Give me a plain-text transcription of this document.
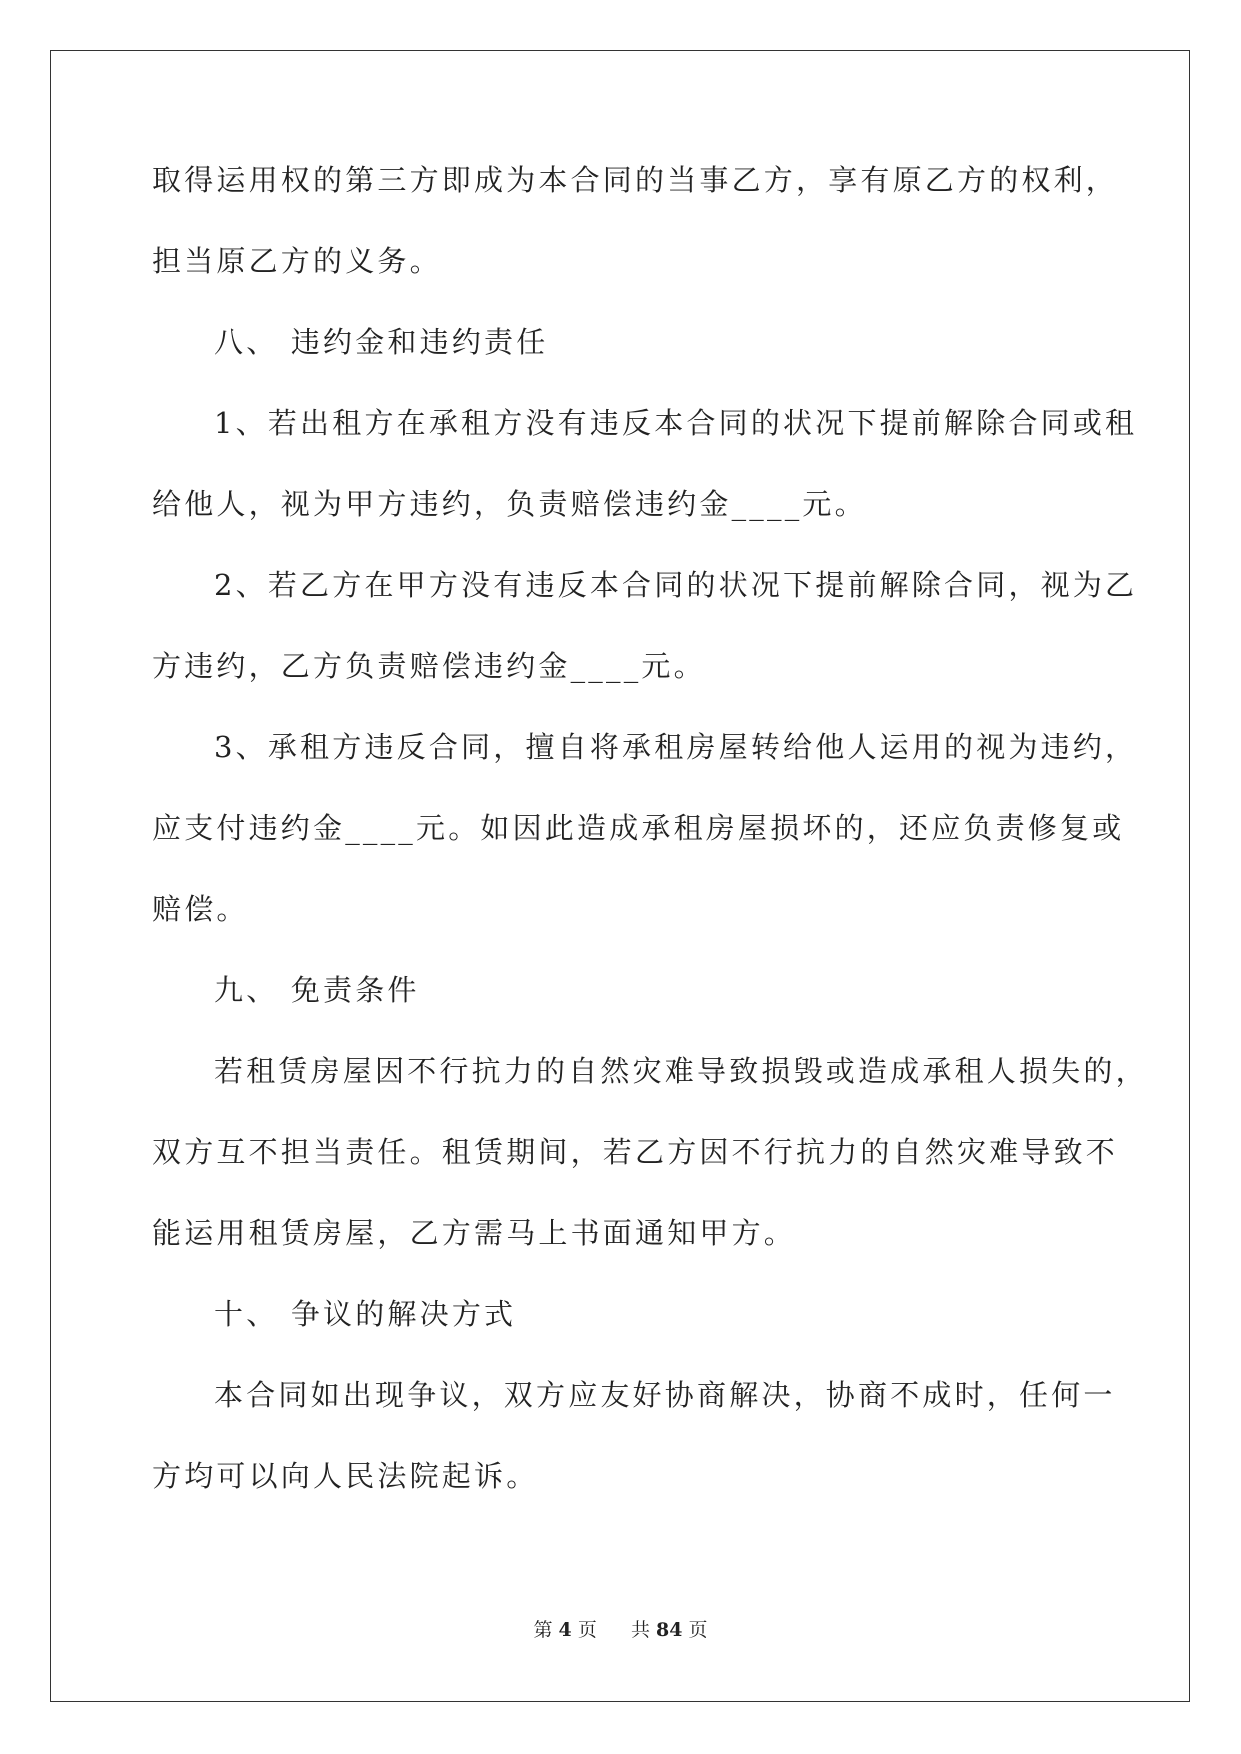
取得运用权的第三方即成为本合同的当事乙方，享有原乙方的权利，
担当原乙方的义务。
八、 违约金和违约责任
1、若出租方在承租方没有违反本合同的状况下提前解除合同或租
给他人，视为甲方违约，负责赔偿违约金____元。
2、若乙方在甲方没有违反本合同的状况下提前解除合同，视为乙
方违约，乙方负责赔偿违约金____元。
3、承租方违反合同，擅自将承租房屋转给他人运用的视为违约，
应支付违约金____元。如因此造成承租房屋损坏的，还应负责修复或
赔偿。
九、 免责条件
若租赁房屋因不行抗力的自然灾难导致损毁或造成承租人损失的，
双方互不担当责任。租赁期间，若乙方因不行抗力的自然灾难导致不
能运用租赁房屋，乙方需马上书面通知甲方。
十、 争议的解决方式
本合同如出现争议，双方应友好协商解决，协商不成时，任何一
方均可以向人民法院起诉。
第 4 页 共 84 页
